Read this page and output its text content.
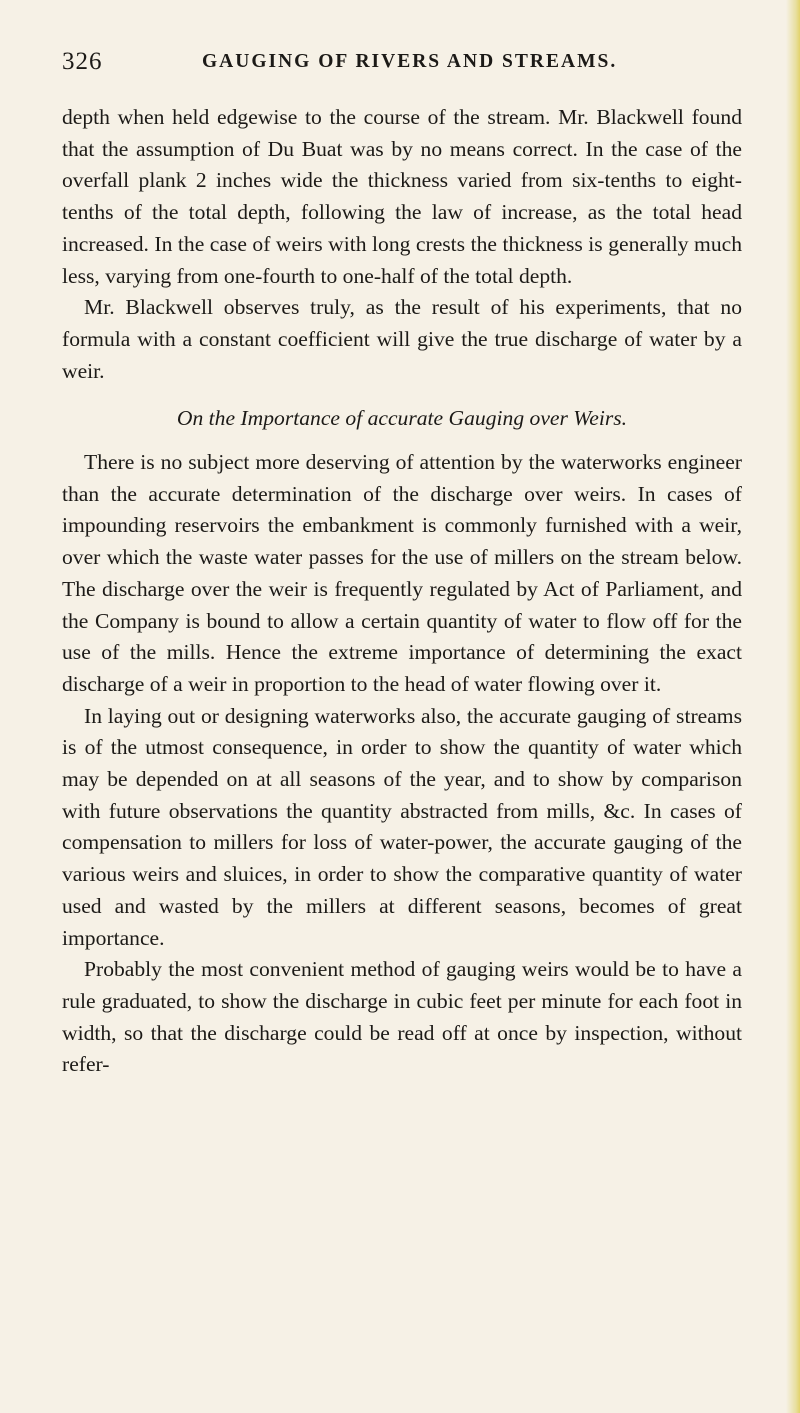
326	GAUGING OF RIVERS AND STREAMS.

depth when held edgewise to the course of the stream. Mr. Blackwell found that the assumption of Du Buat was by no means correct. In the case of the overfall plank 2 inches wide the thickness varied from six-tenths to eight-tenths of the total depth, following the law of increase, as the total head increased. In the case of weirs with long crests the thickness is generally much less, varying from one-fourth to one-half of the total depth.

Mr. Blackwell observes truly, as the result of his experiments, that no formula with a constant coefficient will give the true discharge of water by a weir.

On the Importance of accurate Gauging over Weirs.

There is no subject more deserving of attention by the waterworks engineer than the accurate determination of the discharge over weirs. In cases of impounding reservoirs the embankment is commonly furnished with a weir, over which the waste water passes for the use of millers on the stream below. The discharge over the weir is frequently regulated by Act of Parliament, and the Company is bound to allow a certain quantity of water to flow off for the use of the mills. Hence the extreme importance of determining the exact discharge of a weir in proportion to the head of water flowing over it.

In laying out or designing waterworks also, the accurate gauging of streams is of the utmost consequence, in order to show the quantity of water which may be depended on at all seasons of the year, and to show by comparison with future observations the quantity abstracted from mills, &c. In cases of compensation to millers for loss of water-power, the accurate gauging of the various weirs and sluices, in order to show the comparative quantity of water used and wasted by the millers at different seasons, becomes of great importance.

Probably the most convenient method of gauging weirs would be to have a rule graduated, to show the discharge in cubic feet per minute for each foot in width, so that the discharge could be read off at once by inspection, without refer-
